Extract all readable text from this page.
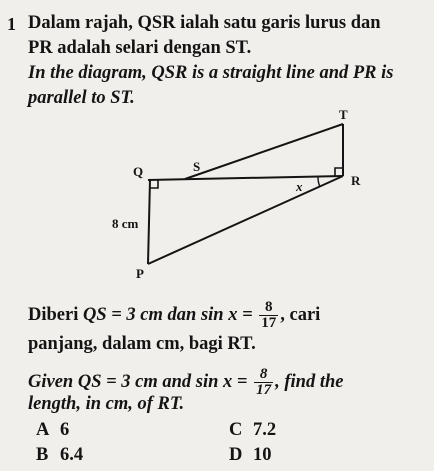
1 Dalam rajah, QSR ialah satu garis lurus dan
PR adalah selari dengan ST.
In the diagram, QSR is a straight line and PR is
parallel to ST.
T
Q	S
R
x
8 cm
P
Diberi QS = 3 cm dan $\sin x = \frac{8}{17}$ , cari
panjang, dalam cm, bagi RT.
Given QS = 3 cm and $\sin x = \frac{8}{17}$ , find the
length, in cm, of RT.
A 6	C 7.2
B 6.4	D 10
